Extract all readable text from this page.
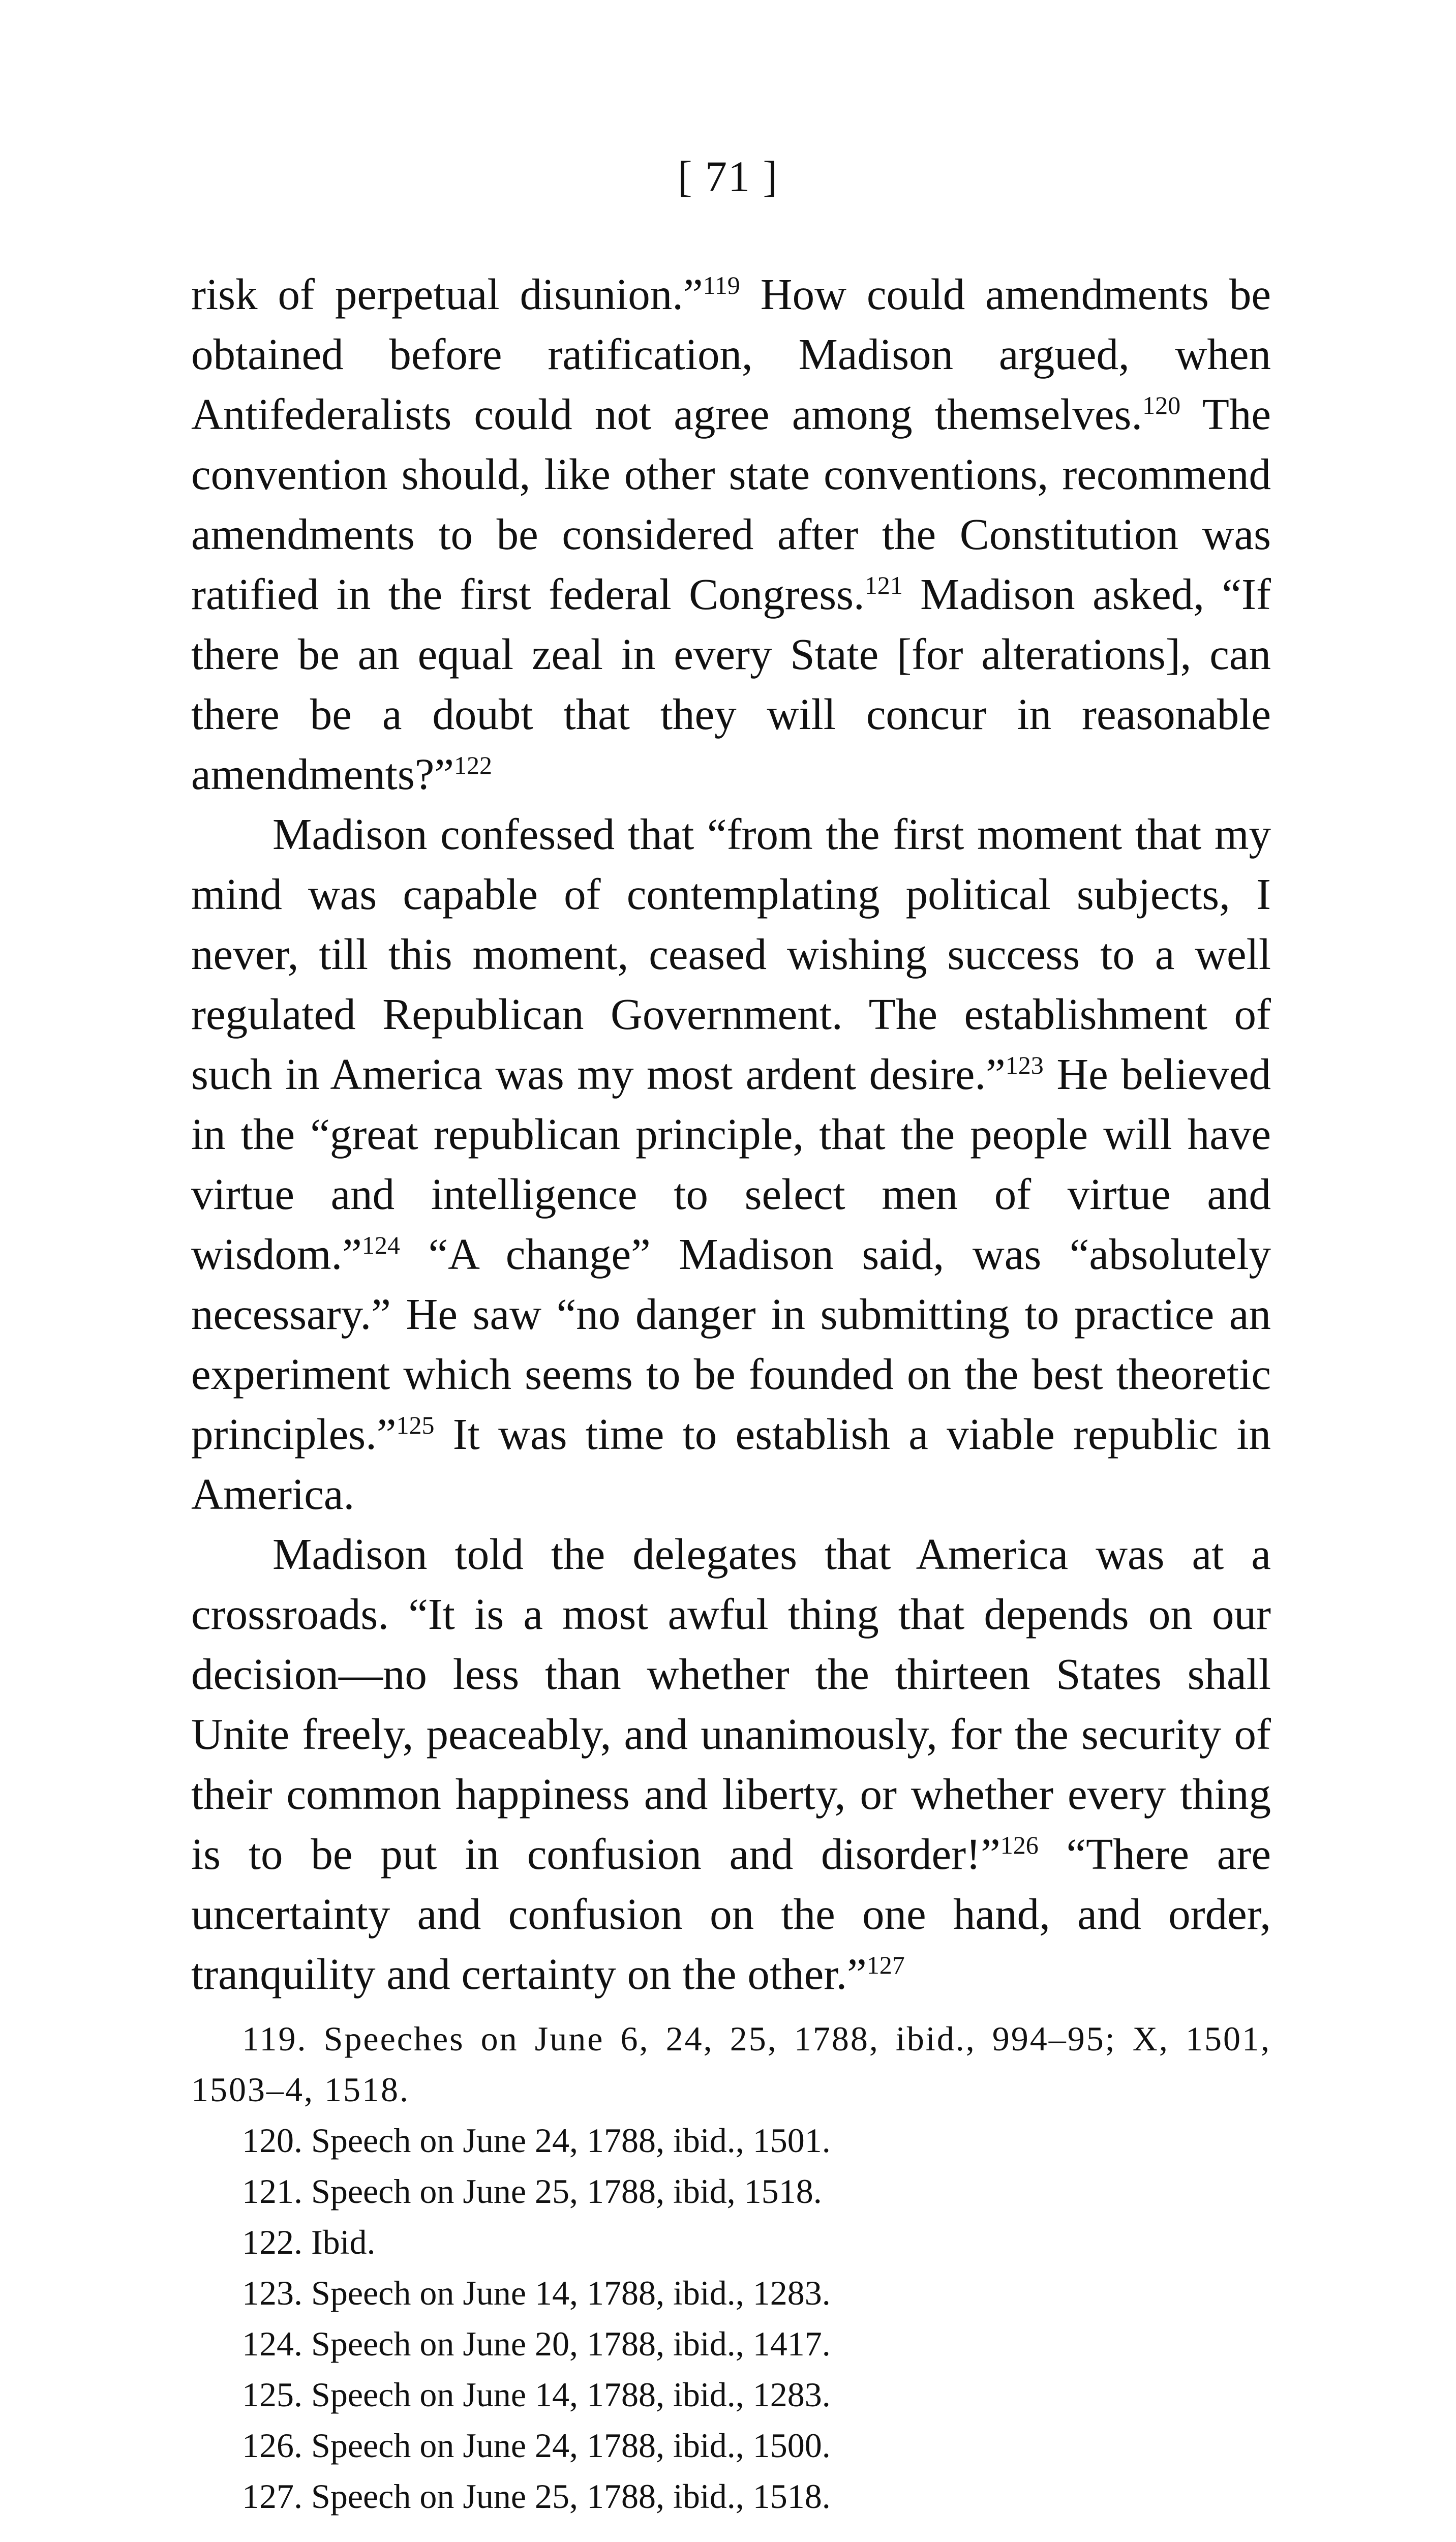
[ 71 ]

risk of perpetual disunion.”$^{119}$ How could amendments be obtained before ratification, Madison argued, when Antifederalists could not agree among themselves.$^{120}$ The convention should, like other state conventions, recommend amendments to be considered after the Constitution was ratified in the first federal Congress.$^{121}$ Madison asked, “If there be an equal zeal in every State [for alterations], can there be a doubt that they will concur in reasonable amendments?”$^{122}$

Madison confessed that “from the first moment that my mind was capable of contemplating political subjects, I never, till this moment, ceased wishing success to a well regulated Republican Government. The establishment of such in America was my most ardent desire.”$^{123}$ He believed in the “great republican principle, that the people will have virtue and intelligence to select men of virtue and wisdom.”$^{124}$ “A change” Madison said, was “absolutely necessary.” He saw “no danger in submitting to practice an experiment which seems to be founded on the best theoretic principles.”$^{125}$ It was time to establish a viable republic in America.

Madison told the delegates that America was at a crossroads. “It is a most awful thing that depends on our decision—no less than whether the thirteen States shall Unite freely, peaceably, and unanimously, for the security of their common happiness and liberty, or whether every thing is to be put in confusion and disorder!”$^{126}$ “There are uncertainty and confusion on the one hand, and order, tranquility and certainty on the other.”$^{127}$

119. Speeches on June 6, 24, 25, 1788, ibid., 994–95; X, 1501, 1503–4, 1518.

120. Speech on June 24, 1788, ibid., 1501.

121. Speech on June 25, 1788, ibid, 1518.

122. Ibid.

123. Speech on June 14, 1788, ibid., 1283.

124. Speech on June 20, 1788, ibid., 1417.

125. Speech on June 14, 1788, ibid., 1283.

126. Speech on June 24, 1788, ibid., 1500.

127. Speech on June 25, 1788, ibid., 1518.
